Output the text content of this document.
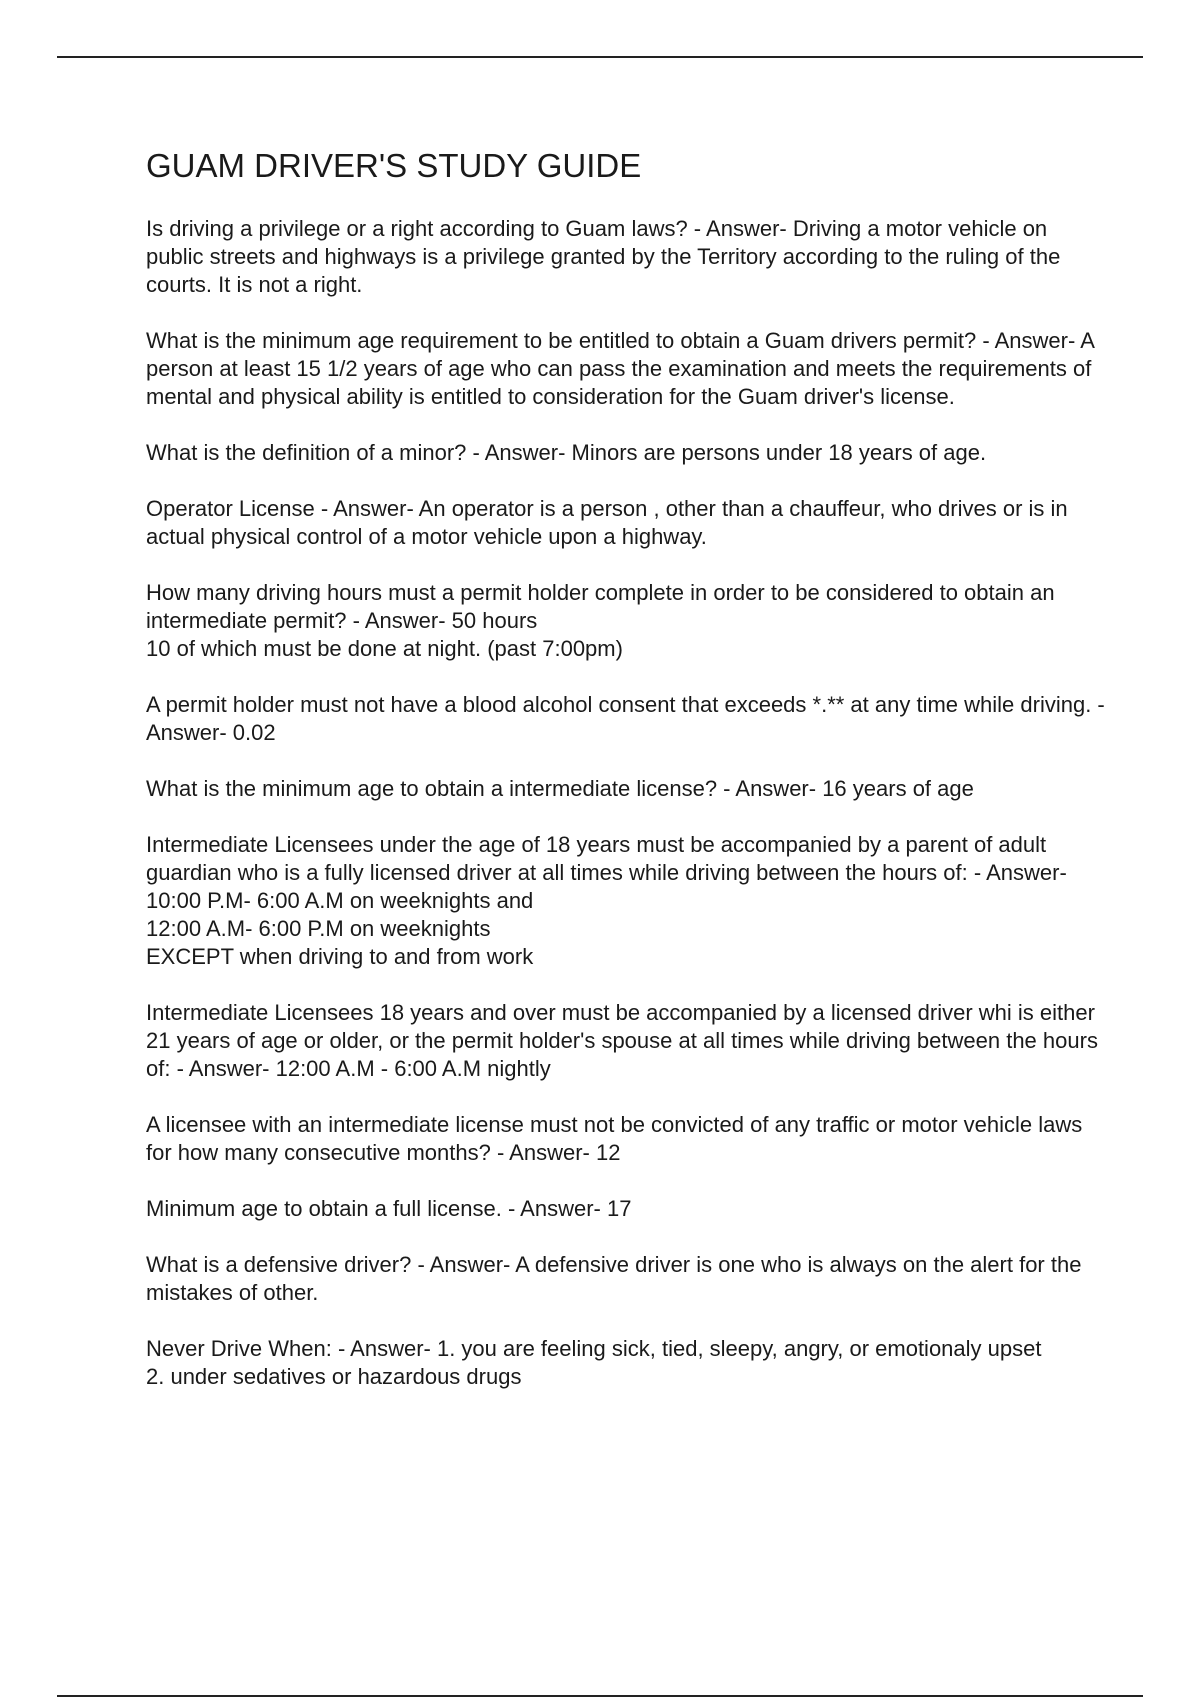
GUAM DRIVER'S STUDY GUIDE

Is driving a privilege or a right according to Guam laws? - Answer- Driving a motor vehicle on public streets and highways is a privilege granted by the Territory according to the ruling of the courts. It is not a right.

What is the minimum age requirement to be entitled to obtain a Guam drivers permit? - Answer- A person at least 15 1/2 years of age who can pass the examination and meets the requirements of mental and physical ability is entitled to consideration for the Guam driver's license.

What is the definition of a minor? - Answer- Minors are persons under 18 years of age.

Operator License - Answer- An operator is a person , other than a chauffeur, who drives or is in actual physical control of a motor vehicle upon a highway.

How many driving hours must a permit holder complete in order to be considered to obtain an intermediate permit? - Answer- 50 hours
10 of which must be done at night. (past 7:00pm)

A permit holder must not have a blood alcohol consent that exceeds *.** at any time while driving. - Answer- 0.02

What is the minimum age to obtain a intermediate license? - Answer- 16 years of age

Intermediate Licensees under the age of 18 years must be accompanied by a parent of adult guardian who is a fully licensed driver at all times while driving between the hours of: - Answer- 10:00 P.M- 6:00 A.M on weeknights and
12:00 A.M- 6:00 P.M on weeknights
EXCEPT when driving to and from work

Intermediate Licensees 18 years and over must be accompanied by a licensed driver whi is either 21 years of age or older, or the permit holder's spouse at all times while driving between the hours of: - Answer- 12:00 A.M - 6:00 A.M nightly

A licensee with an intermediate license must not be convicted of any traffic or motor vehicle laws for how many consecutive months? - Answer- 12

Minimum age to obtain a full license. - Answer- 17

What is a defensive driver? - Answer- A defensive driver is one who is always on the alert for the mistakes of other.

Never Drive When: - Answer- 1. you are feeling sick, tied, sleepy, angry, or emotionaly upset
2. under sedatives or hazardous drugs
